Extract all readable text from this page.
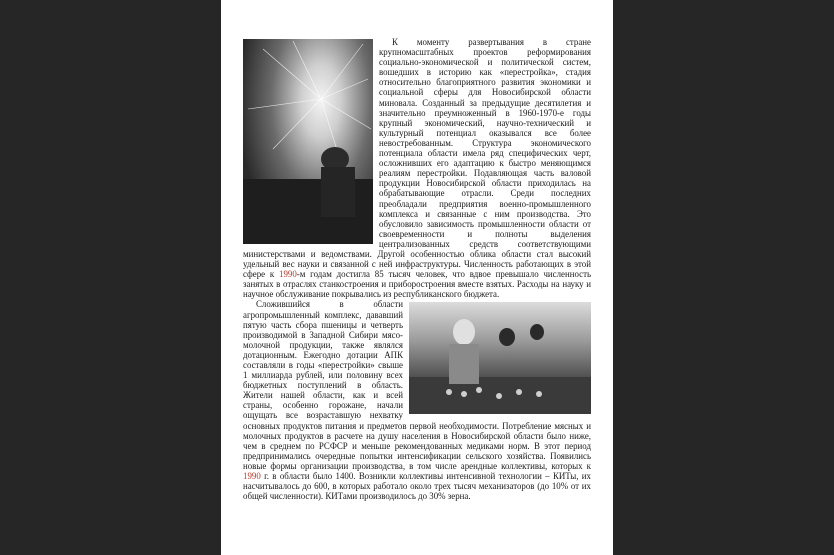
К моменту развертывания в стране крупномасштабных проектов реформирования социально-экономической и политической систем, вошедших в историю как «перестройка», стадия относительно благоприятного развития экономики и социальной сферы для Новосибирской области миновала. Созданный за предыдущие десятилетия и значительно преумноженный в 1960-1970-е годы крупный экономический, научно-технический и культурный потенциал оказывался все более невостребованным. Структура экономического потенциала области имела ряд специфических черт, осложнивших его адаптацию к быстро меняющимся реалиям перестройки. Подавляющая часть валовой продукции Новосибирской области приходилась на обрабатывающие отрасли. Среди последних преобладали предприятия военно-промышленного комплекса и связанные с ним производства. Это обусловило зависимость промышленности области от своевременности и полноты выделения централизованных средств соответствующими министерствами и ведомствами. Другой особенностью облика области стал высокий удельный вес науки и связанной с ней инфраструктуры. Численность работающих в этой сфере к 1990-м годам достигла 85 тысяч человек, что вдвое превышало численность занятых в отраслях станкостроения и приборостроения вместе взятых. Расходы на науку и научное обслуживание покрывались из республиканского бюджета.

Сложившийся в области агропромышленный комплекс, дававший пятую часть сбора пшеницы и четверть производимой в Западной Сибири мясо-молочной продукции, также являлся дотационным. Ежегодно дотации АПК составляли в годы «перестройки» свыше 1 миллиарда рублей, или половину всех бюджетных поступлений в область. Жители нашей области, как и всей страны, особенно горожане, начали ощущать все возраставшую нехватку основных продуктов питания и предметов первой необходимости. Потребление мясных и молочных продуктов в расчете на душу населения в Новосибирской области было ниже, чем в среднем по РСФСР и меньше рекомендованных медиками норм. В этот период предпринимались очередные попытки интенсификации сельского хозяйства. Появились новые формы организации производства, в том числе арендные коллективы, которых к 1990 г. в области было 1400. Возникли коллективы интенсивной технологии – КИТы, их насчитывалось до 600, в которых работало около трех тысяч механизаторов (до 10% от их общей численности). КИТами производилось до 30% зерна.
